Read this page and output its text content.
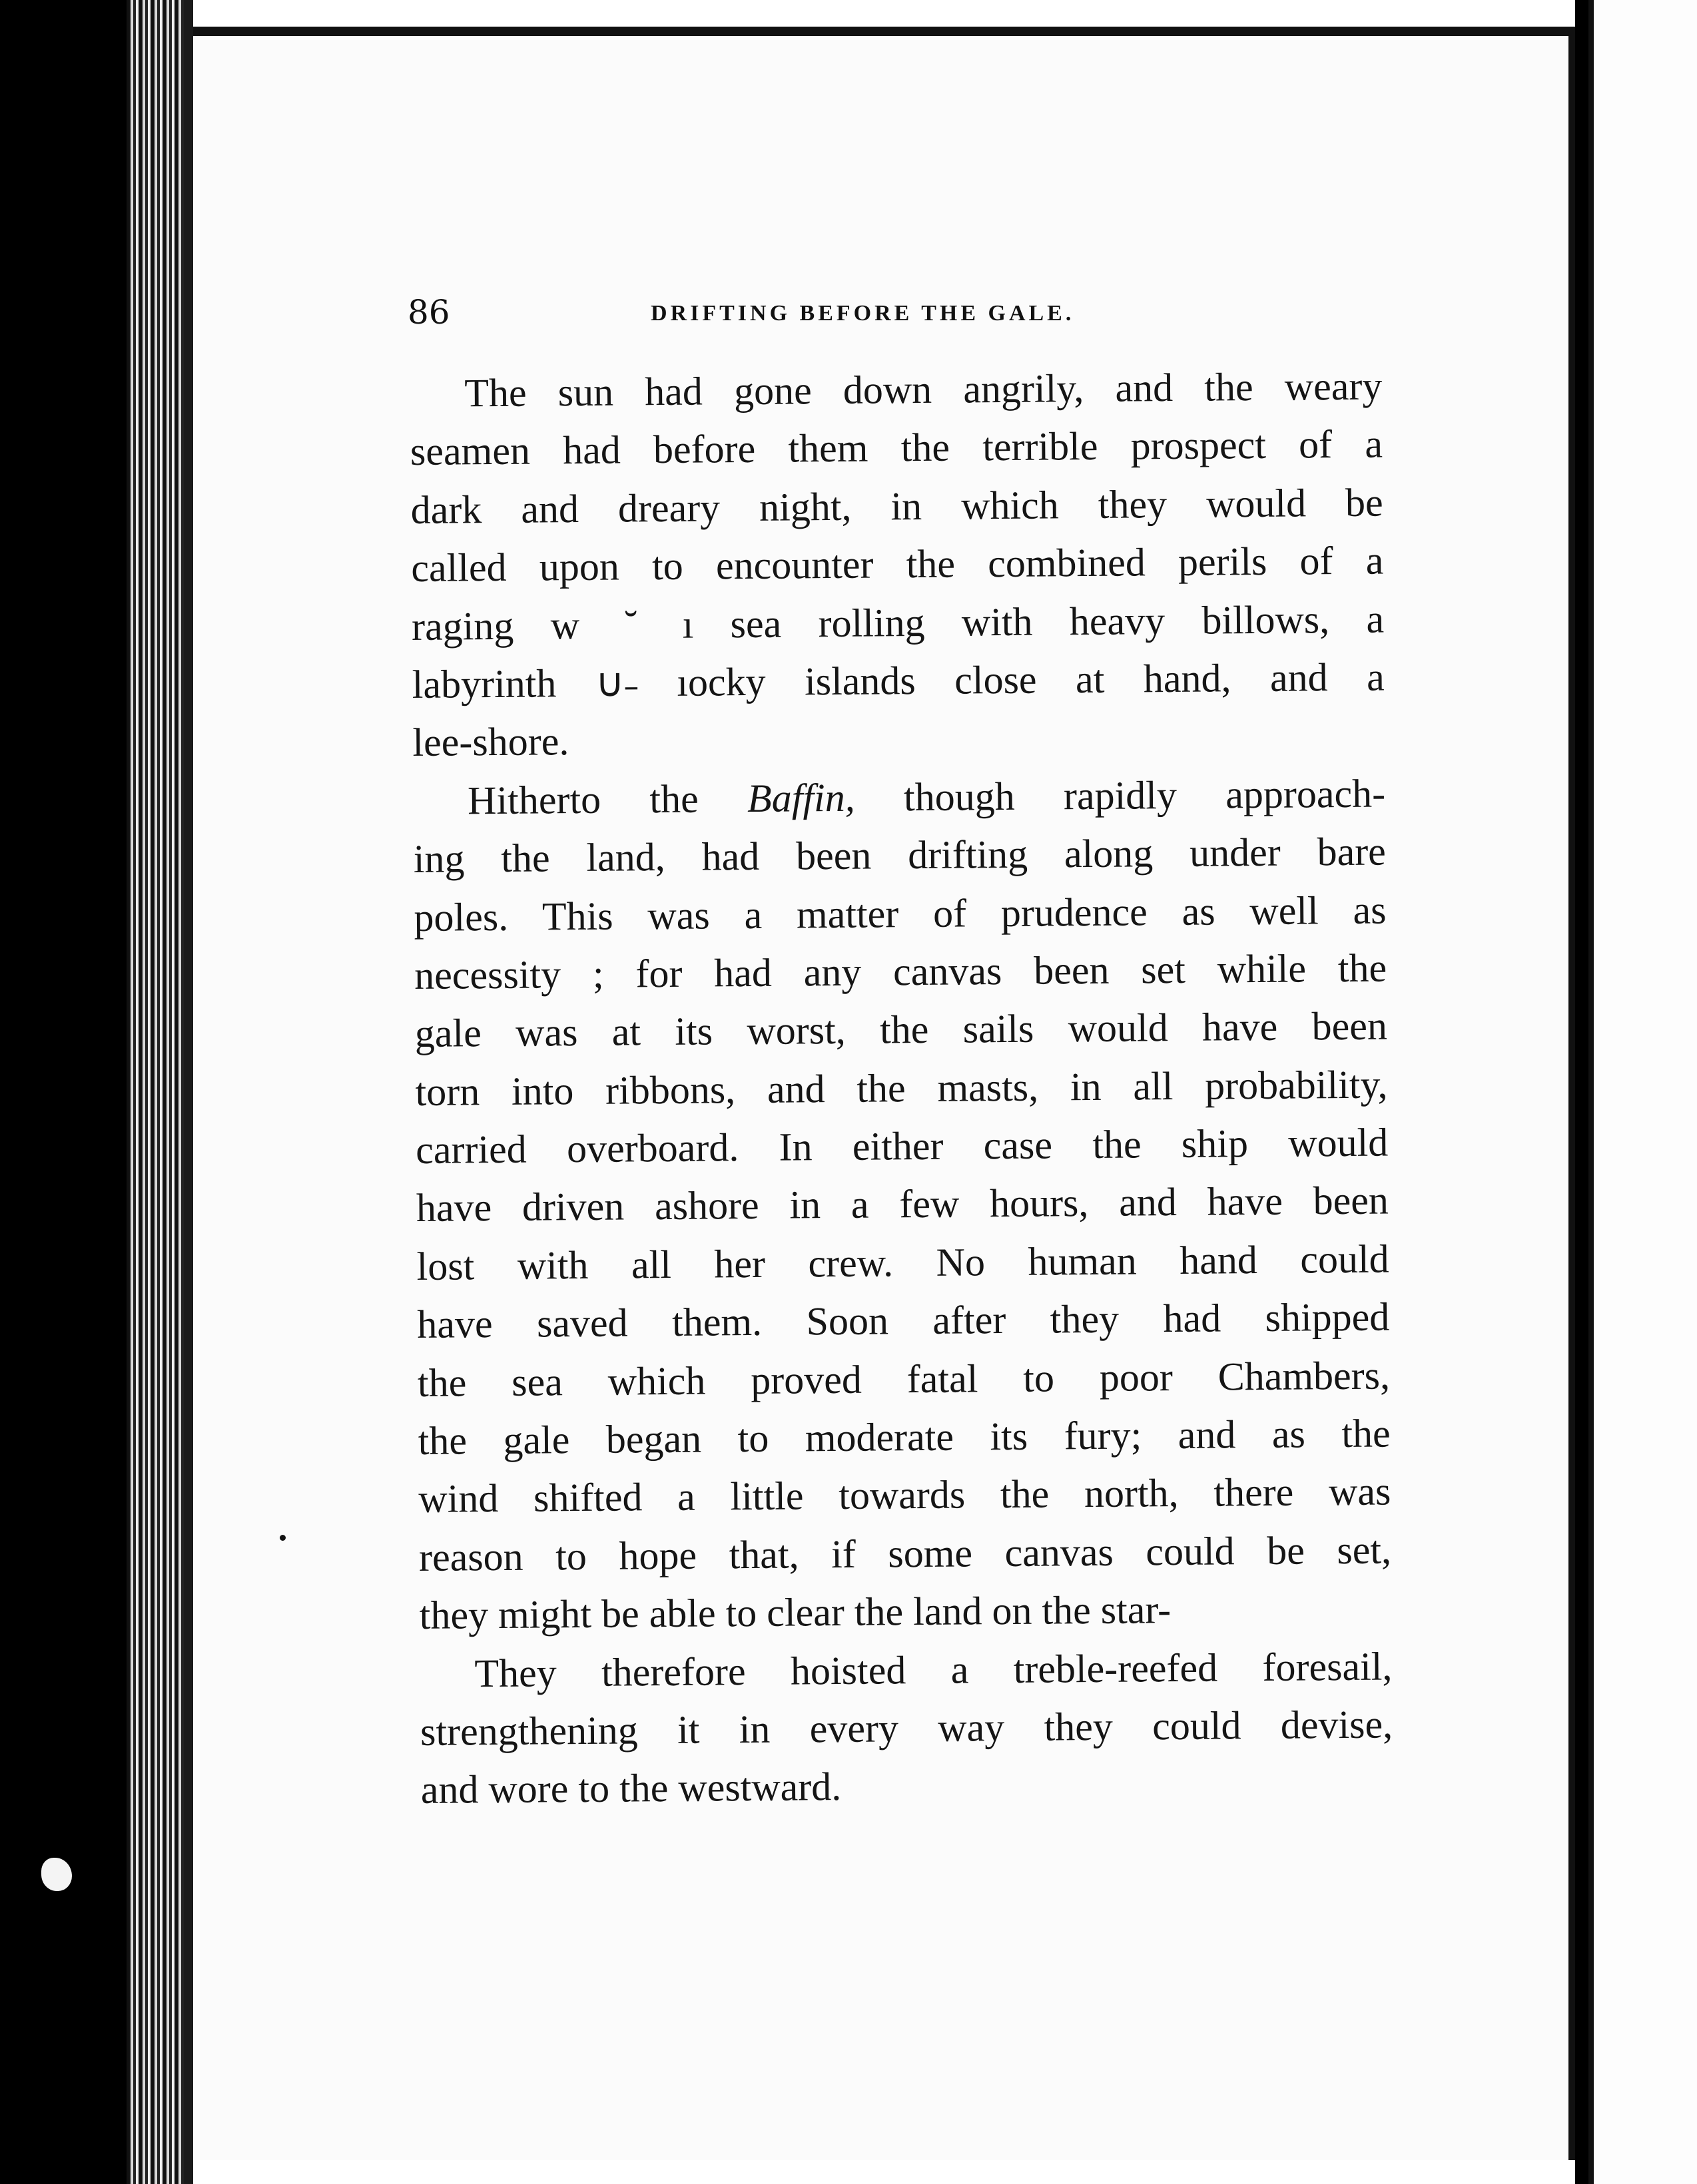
86	DRIFTING BEFORE THE GALE.
The sun had gone down angrily, and the weary
seamen had before them the terrible prospect of a
dark and dreary night, in which they would be
called upon to encounter the combined perils of a
raging w  ˘  ı sea rolling with heavy billows, a
labyrinth ∪˗ ıocky islands close at hand, and a
lee-shore.
Hitherto the Baffin, though rapidly approach-
ing the land, had been drifting along under bare
poles. This was a matter of prudence as well as
necessity ; for had any canvas been set while the
gale was at its worst, the sails would have been
torn into ribbons, and the masts, in all probability,
carried overboard. In either case the ship would
have driven ashore in a few hours, and have been
lost with all her crew. No human hand could
have saved them. Soon after they had shipped
the sea which proved fatal to poor Chambers,
the gale began to moderate its fury; and as the
wind shifted a little towards the north, there was
reason to hope that, if some canvas could be set,
they might be able to clear the land on the star-
They therefore hoisted a treble-reefed foresail,
strengthening it in every way they could devise,
and wore to the westward.
